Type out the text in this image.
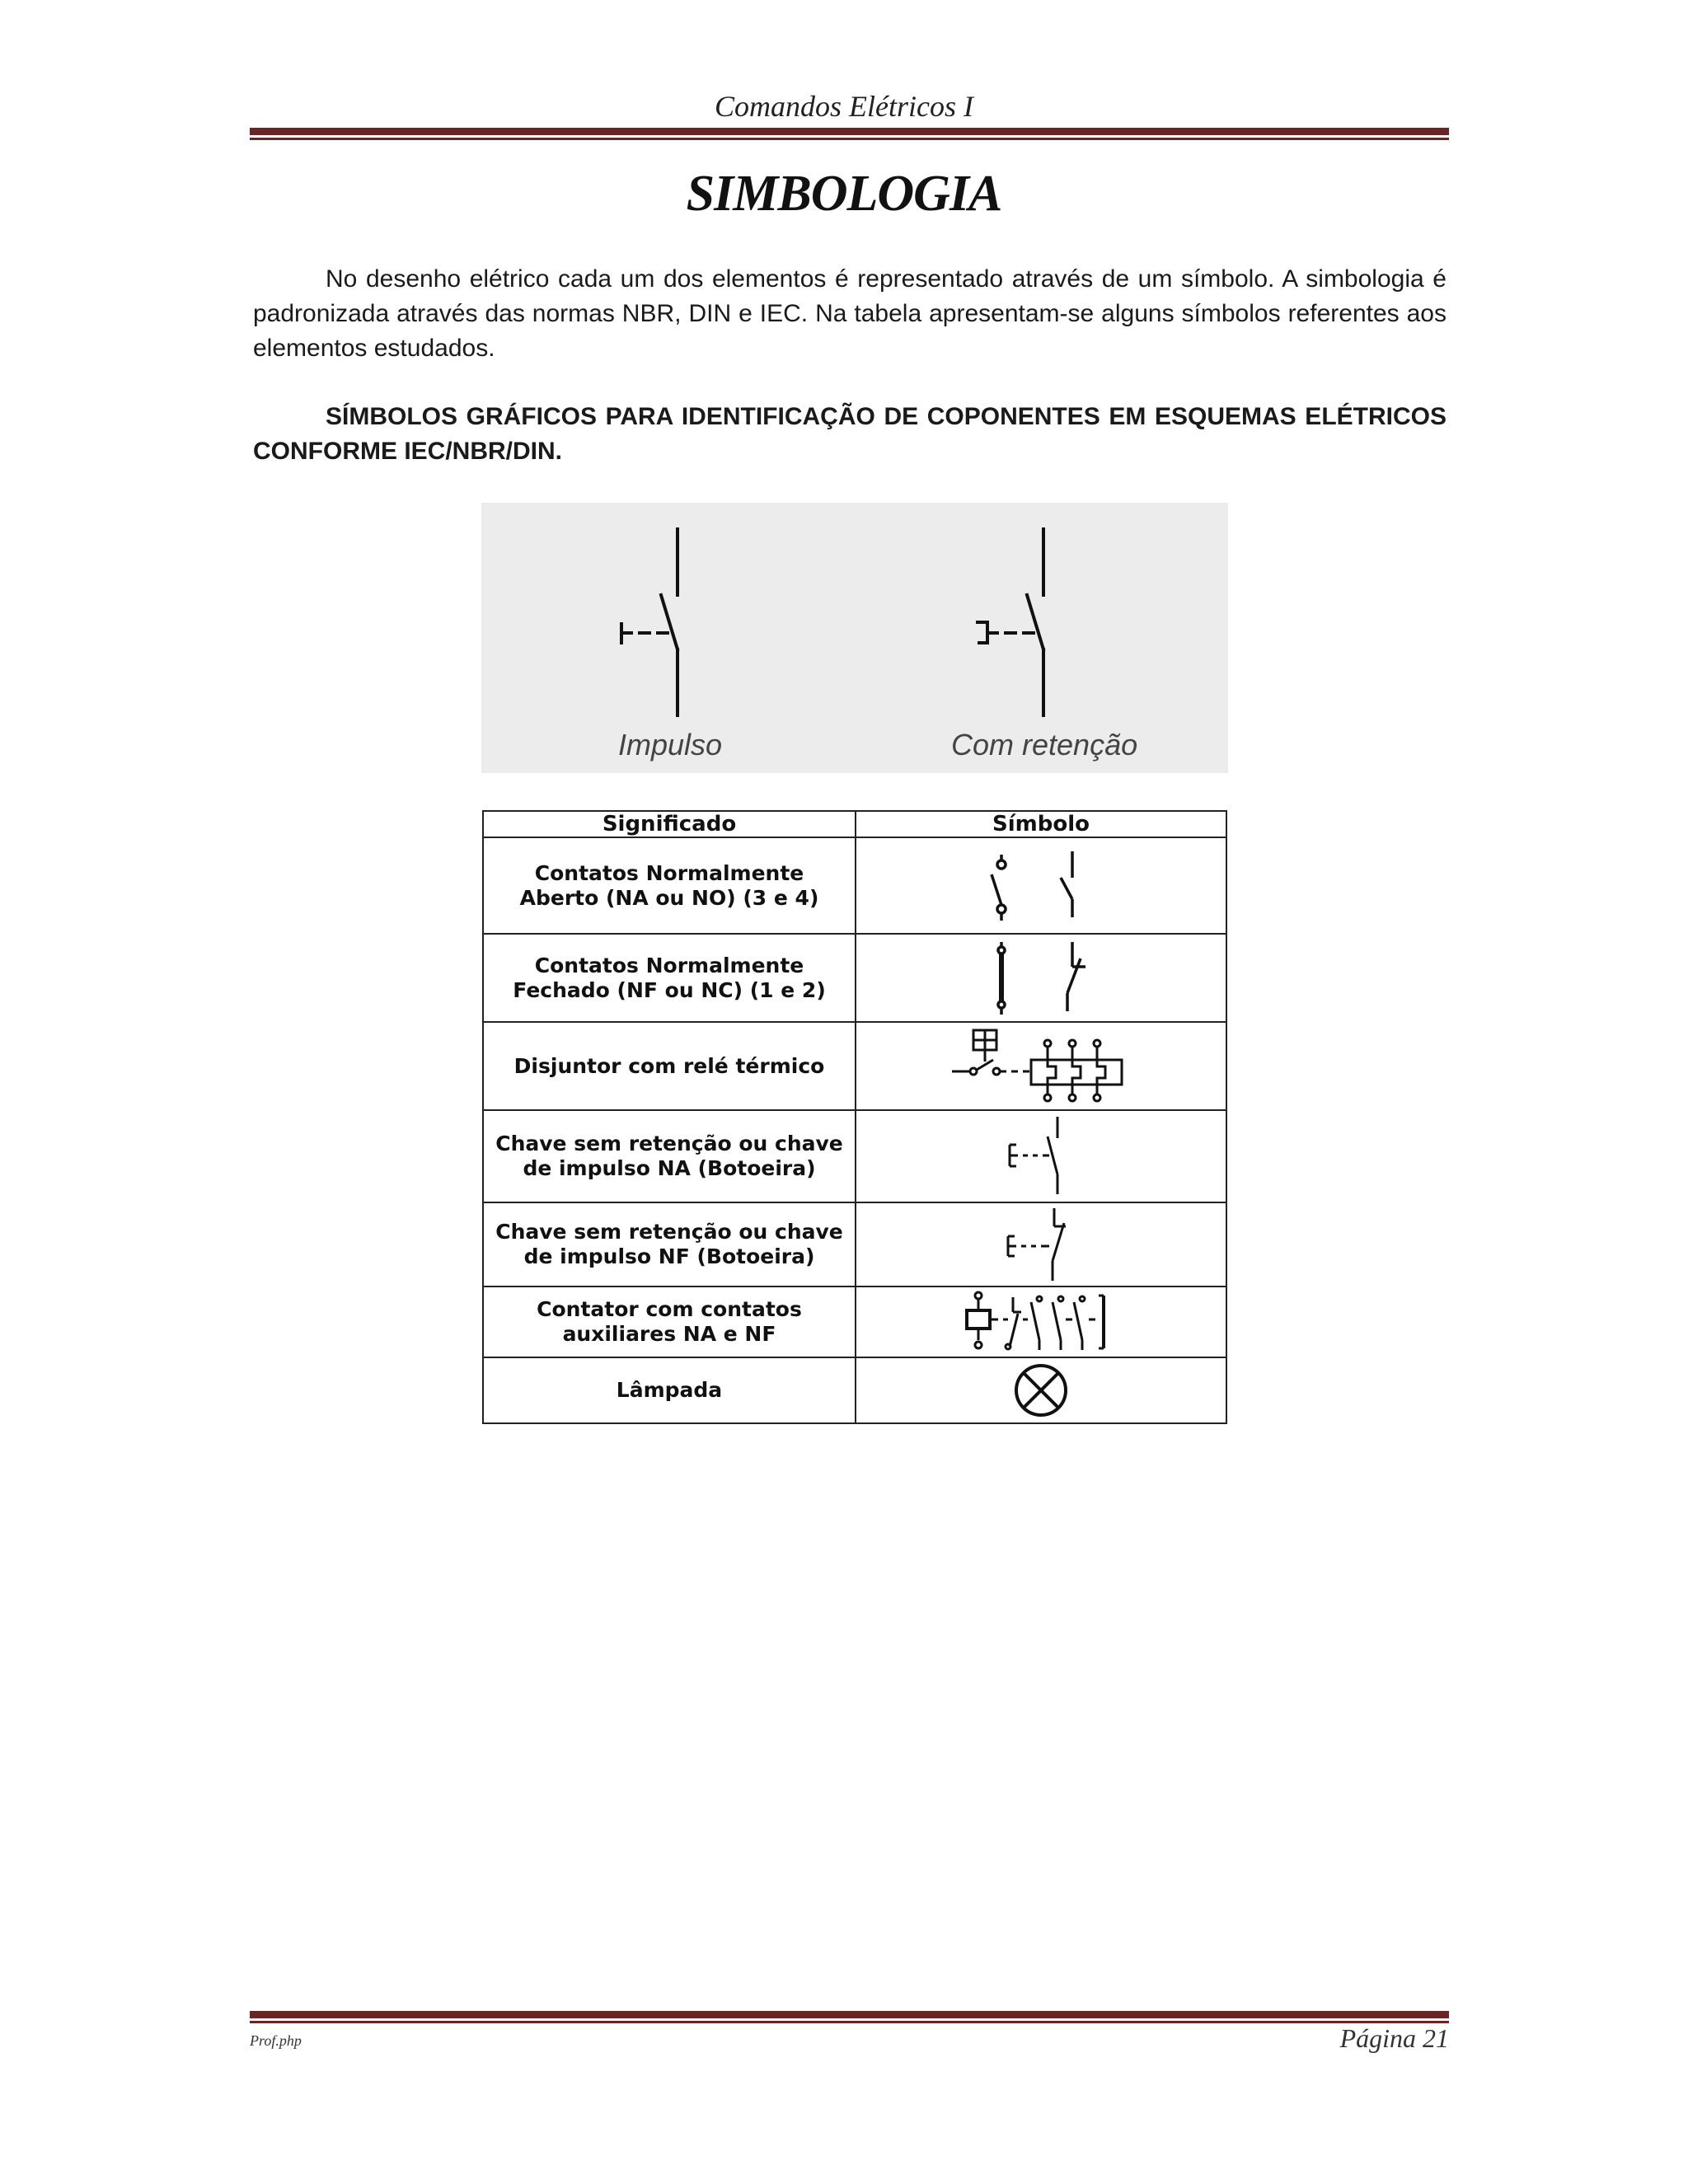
Comandos Elétricos I
SIMBOLOGIA
No desenho elétrico cada um dos elementos é representado através de um símbolo. A simbologia é padronizada através das normas NBR, DIN e IEC. Na tabela apresentam-se alguns símbolos referentes aos elementos estudados.
SÍMBOLOS GRÁFICOS PARA IDENTIFICAÇÃO DE COPONENTES EM ESQUEMAS ELÉTRICOS CONFORME IEC/NBR/DIN.
Impulso	Com retenção
Significado	Símbolo
Contatos Normalmente
Aberto (NA ou NO) (3 e 4)	

Contatos Normalmente
Fechado (NF ou NC) (1 e 2)	

Disjuntor com relé térmico	

Chave sem retenção ou chave
de impulso NA (Botoeira)	

Chave sem retenção ou chave
de impulso NF (Botoeira)	

Contator com contatos
auxiliares NA e NF	

Lâmpada	
Prof.php	Página 21
